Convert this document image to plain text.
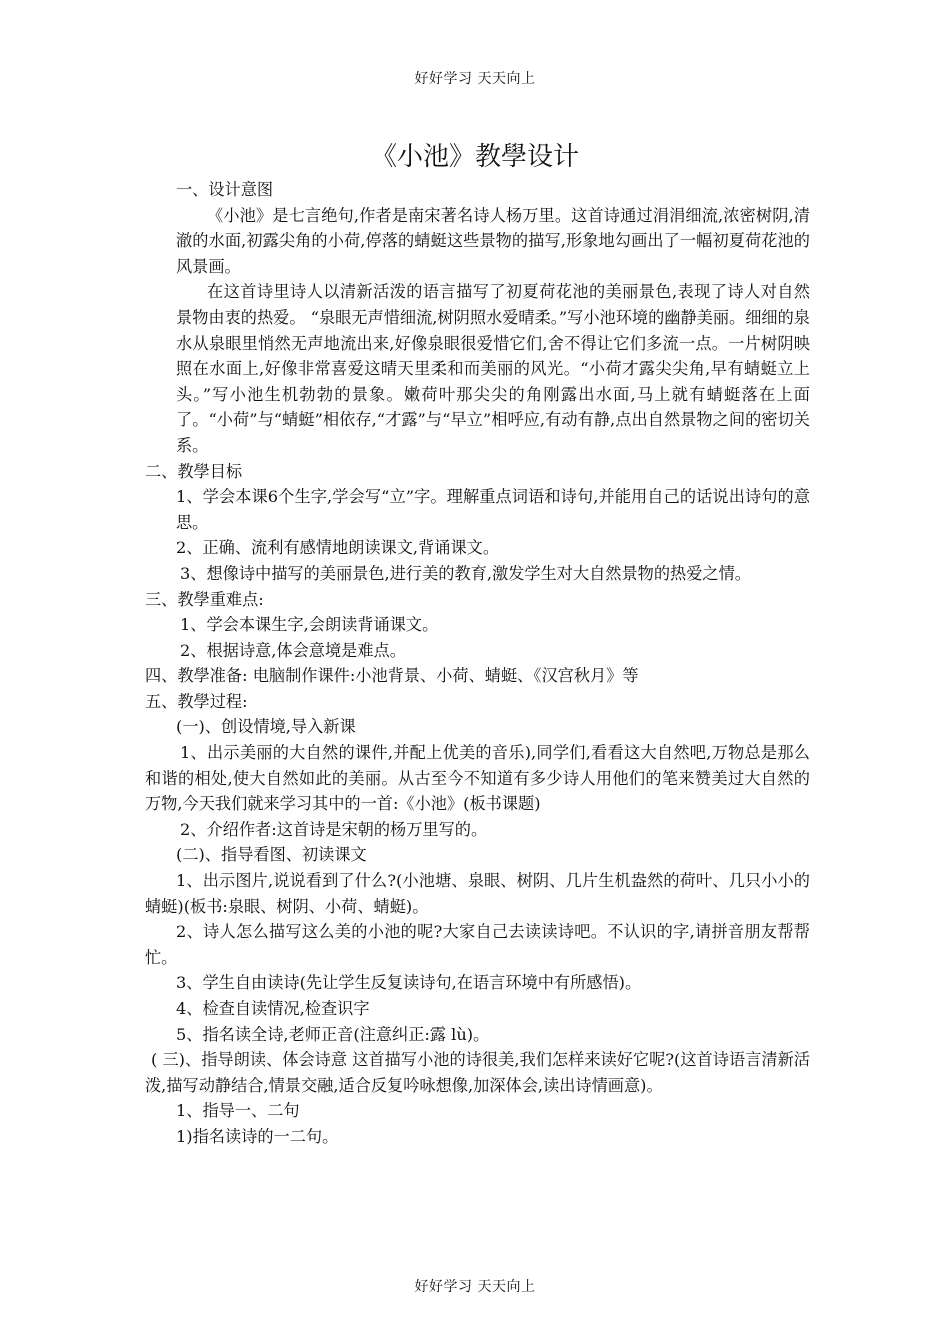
好好学习 天天向上
《小池》教學设计

一、设计意图

《小池》是七言绝句,作者是南宋著名诗人杨万里。这首诗通过涓涓细流,浓密树阴,清澈的水面,初露尖角的小荷,停落的蜻蜓这些景物的描写,形象地勾画出了一幅初夏荷花池的风景画。

在这首诗里诗人以清新活泼的语言描写了初夏荷花池的美丽景色,表现了诗人对自然景物由衷的热爱。 “泉眼无声惜细流,树阴照水爱晴柔。”写小池环境的幽静美丽。细细的泉水从泉眼里悄然无声地流出来,好像泉眼很爱惜它们,舍不得让它们多流一点。一片树阴映照在水面上,好像非常喜爱这晴天里柔和而美丽的风光。“小荷才露尖尖角,早有蜻蜓立上头。”写小池生机勃勃的景象。嫩荷叶那尖尖的角刚露出水面,马上就有蜻蜓落在上面了。“小荷”与“蜻蜓”相依存,“才露”与“早立”相呼应,有动有静,点出自然景物之间的密切关系。

二、教學目标

1、学会本课6个生字,学会写“立”字。理解重点词语和诗句,并能用自己的话说出诗句的意思。

2、正确、流利有感情地朗读课文,背诵课文。

3、想像诗中描写的美丽景色,进行美的教育,激发学生对大自然景物的热爱之情。

三、教學重难点:

1、学会本课生字,会朗读背诵课文。

2、根据诗意,体会意境是难点。

四、教學准备: 电脑制作课件:小池背景、小荷、蜻蜓、《汉宫秋月》等

五、教學过程:

(一)、创设情境,导入新课

1、出示美丽的大自然的课件,并配上优美的音乐),同学们,看看这大自然吧,万物总是那么和谐的相处,使大自然如此的美丽。从古至今不知道有多少诗人用他们的笔来赞美过大自然的万物,今天我们就来学习其中的一首:《小池》(板书课题)

2、介绍作者:这首诗是宋朝的杨万里写的。

(二)、指导看图、初读课文

1、出示图片,说说看到了什么?(小池塘、泉眼、树阴、几片生机盎然的荷叶、几只小小的蜻蜓)(板书:泉眼、树阴、小荷、蜻蜓)。

2、诗人怎么描写这么美的小池的呢?大家自己去读读诗吧。不认识的字,请拼音朋友帮帮忙。

3、学生自由读诗(先让学生反复读诗句,在语言环境中有所感悟)。

4、检查自读情况,检查识字

5、指名读全诗,老师正音(注意纠正:露 lù)。

( 三)、指导朗读、体会诗意 这首描写小池的诗很美,我们怎样来读好它呢?(这首诗语言清新活泼,描写动静结合,情景交融,适合反复吟咏想像,加深体会,读出诗情画意)。

1、指导一、二句

1)指名读诗的一二句。

好好学习 天天向上
